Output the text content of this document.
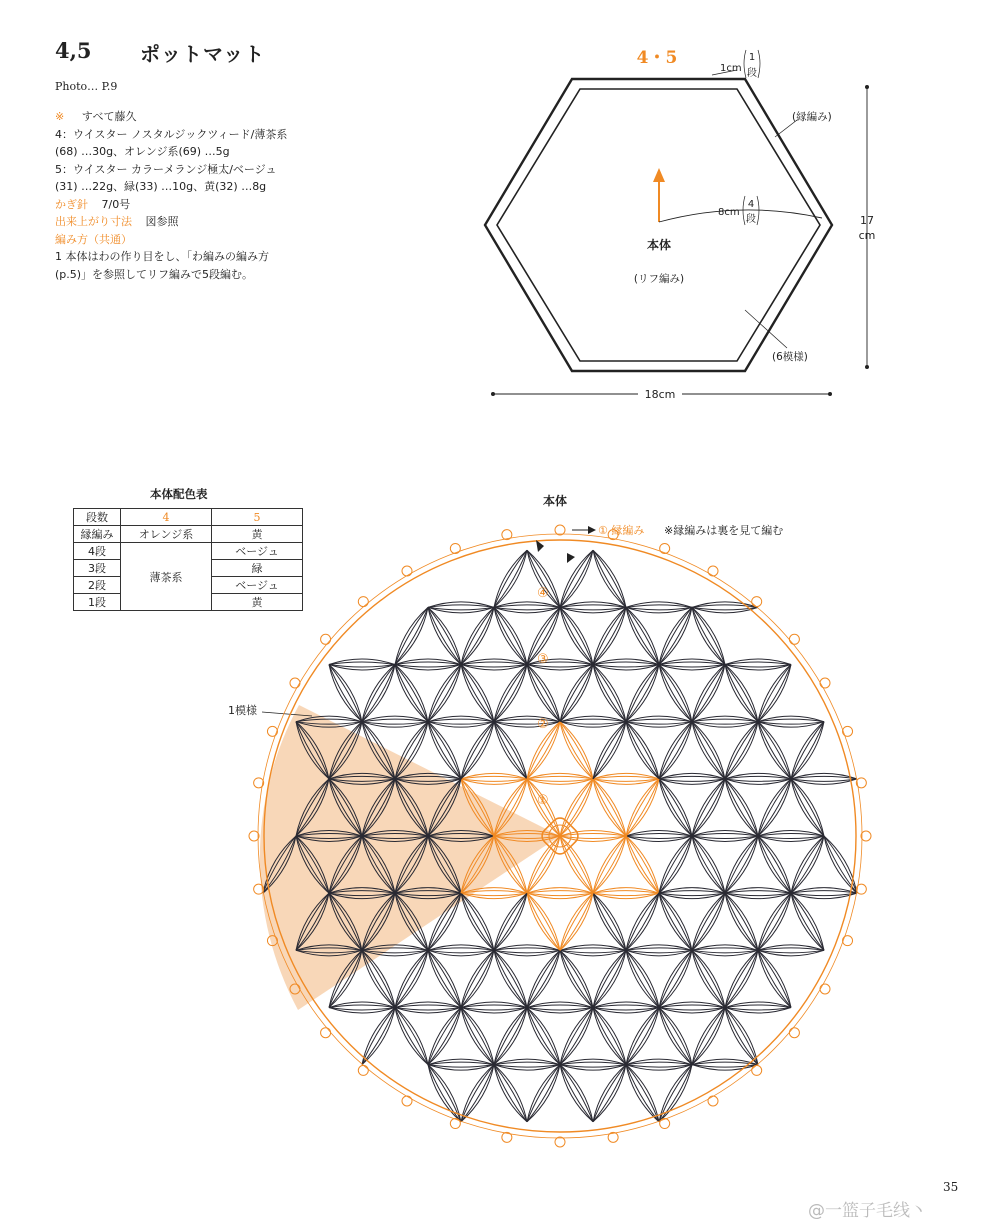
4,5 ポットマット
Photo… P.9
※ すべて藤久
4：ウイスター ノスタルジックツィード/薄茶系
(68) …30g、オレンジ系(69) …5g
5：ウイスター カラーメランジ極太/ベージュ
(31) …22g、緑(33) …10g、黄(32) …8g
かぎ針 7/0号
出来上がり寸法 図参照
編み方（共通）
1 本体はわの作り目をし、「わ編みの編み方
(p.5)」を参照してリフ編みで5段編む。
4・5
1cm
1
段
(縁編み)
8cm
4
段
本体
(リフ編み)
(6模様)
17
cm
18cm
本体
① 縁編み ※縁編みは裏を見て編む
1模様
①
②
③
④
本体配色表
段数	4	5
縁編み	オレンジ系	黄
4段	薄茶系	ベージュ
3段		緑
2段		ベージュ
1段		黄
35
@一篮子毛线丶
